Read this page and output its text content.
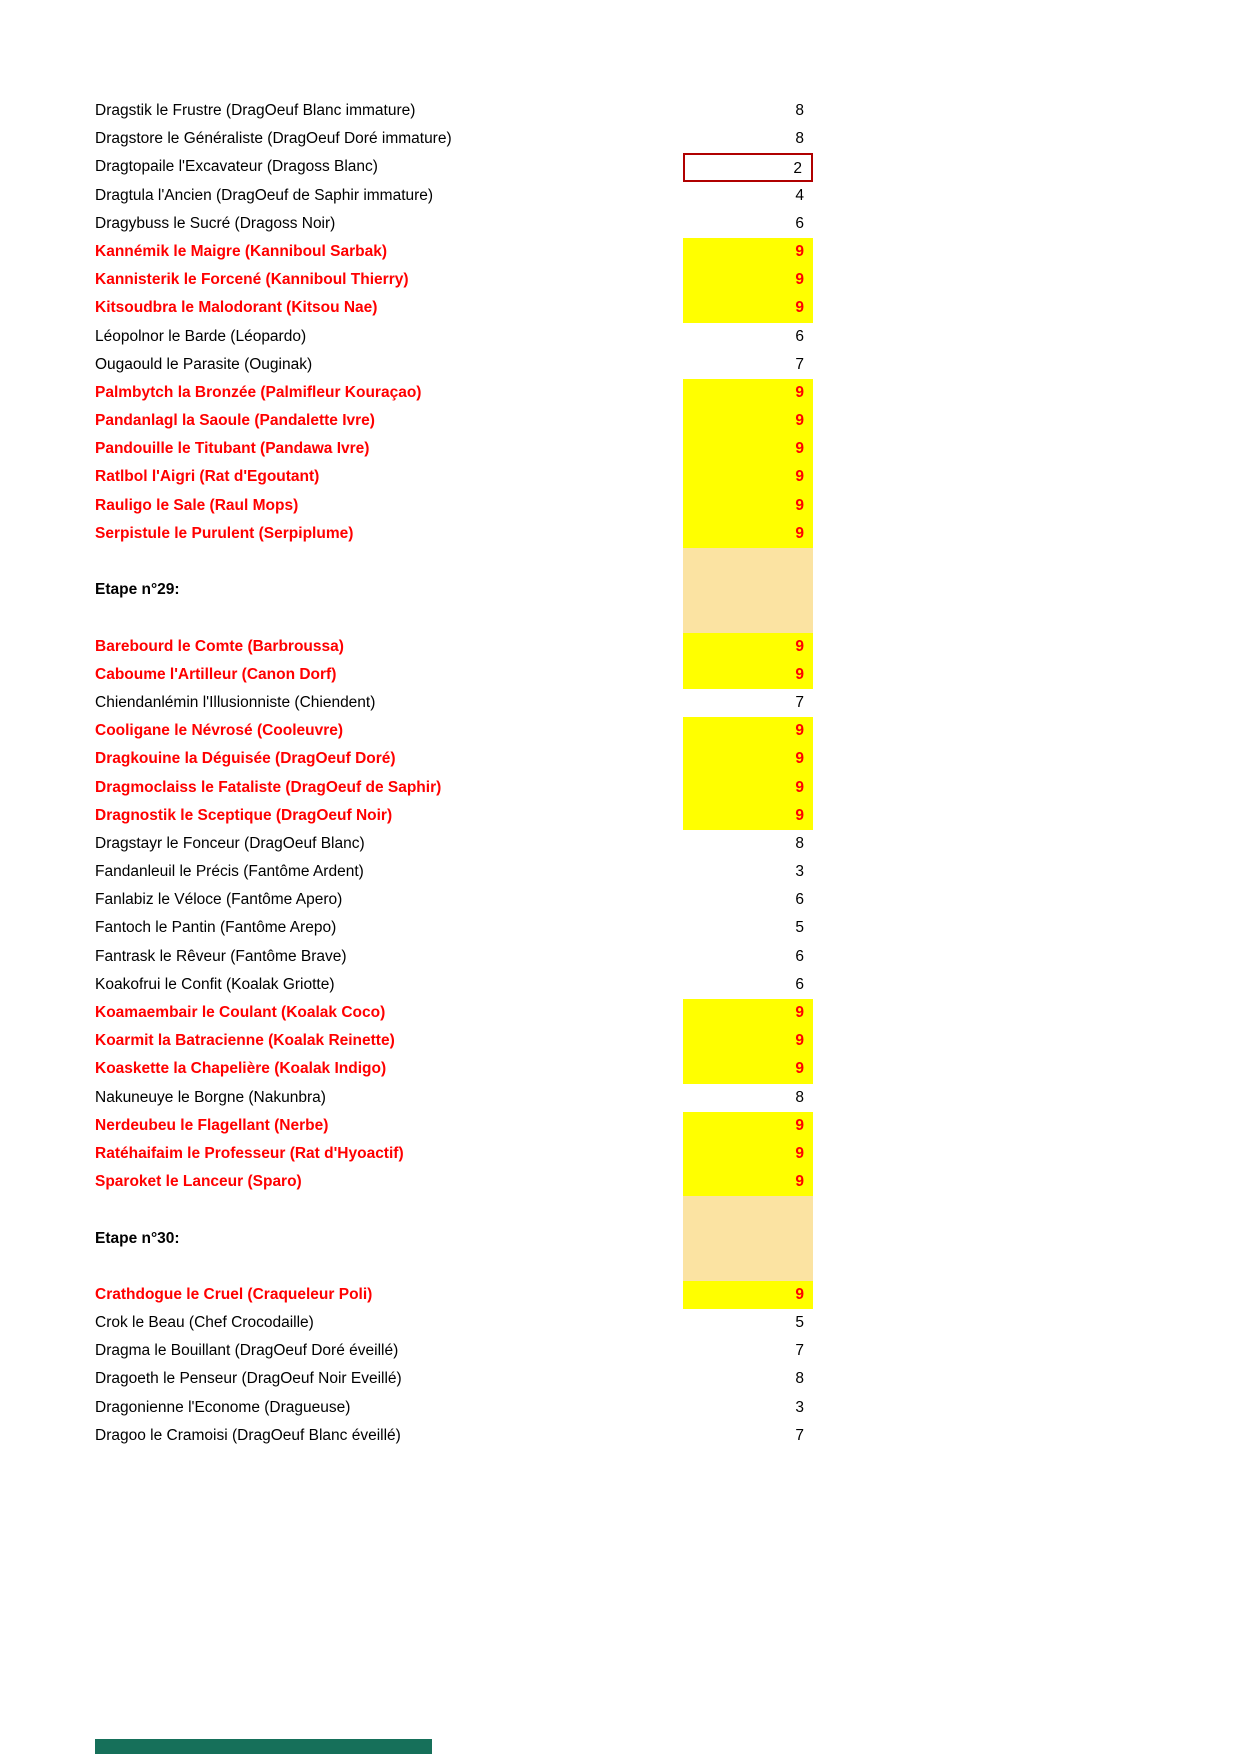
Dragstik le Frustre (DragOeuf Blanc immature)	8
Dragstore le Généraliste (DragOeuf Doré immature)	8
Dragtopaile l'Excavateur (Dragoss Blanc)	2
Dragtula l'Ancien (DragOeuf de Saphir immature)	4
Dragybuss le Sucré (Dragoss Noir)	6
Kannémik le Maigre (Kanniboul Sarbak)	9
Kannisterik le Forcené (Kanniboul Thierry)	9
Kitsoudbra le Malodorant (Kitsou Nae)	9
Léopolnor le Barde (Léopardo)	6
Ougaould le Parasite (Ouginak)	7
Palmbytch la Bronzée (Palmifleur Kouraçao)	9
Pandanlagl la Saoule (Pandalette Ivre)	9
Pandouille le Titubant (Pandawa Ivre)	9
Ratlbol l'Aigri (Rat d'Egoutant)	9
Rauligo le Sale (Raul Mops)	9
Serpistule le Purulent (Serpiplume)	9
Etape n°29:
Barebourd le Comte (Barbroussa)	9
Caboume l'Artilleur (Canon Dorf)	9
Chiendanlémin l'Illusionniste (Chiendent)	7
Cooligane le Névrosé (Cooleuvre)	9
Dragkouine la Déguisée (DragOeuf Doré)	9
Dragmoclaiss le Fataliste (DragOeuf de Saphir)	9
Dragnostik le Sceptique (DragOeuf Noir)	9
Dragstayr le Fonceur (DragOeuf Blanc)	8
Fandanleuil le Précis (Fantôme Ardent)	3
Fanlabiz le Véloce (Fantôme Apero)	6
Fantoch le Pantin (Fantôme Arepo)	5
Fantrask le Rêveur (Fantôme Brave)	6
Koakofrui le Confit (Koalak Griotte)	6
Koamaembair le Coulant (Koalak Coco)	9
Koarmit la Batracienne (Koalak Reinette)	9
Koaskette la Chapelière (Koalak Indigo)	9
Nakuneuye le Borgne (Nakunbra)	8
Nerdeubeu le Flagellant (Nerbe)	9
Ratéhaifaim le Professeur (Rat d'Hyoactif)	9
Sparoket le Lanceur (Sparo)	9
Etape n°30:
Crathdogue le Cruel (Craqueleur Poli)	9
Crok le Beau (Chef Crocodaille)	5
Dragma le Bouillant (DragOeuf Doré éveillé)	7
Dragoeth le Penseur (DragOeuf Noir Eveillé)	8
Dragonienne l'Econome (Dragueuse)	3
Dragoo le Cramoisi (DragOeuf Blanc éveillé)	7
